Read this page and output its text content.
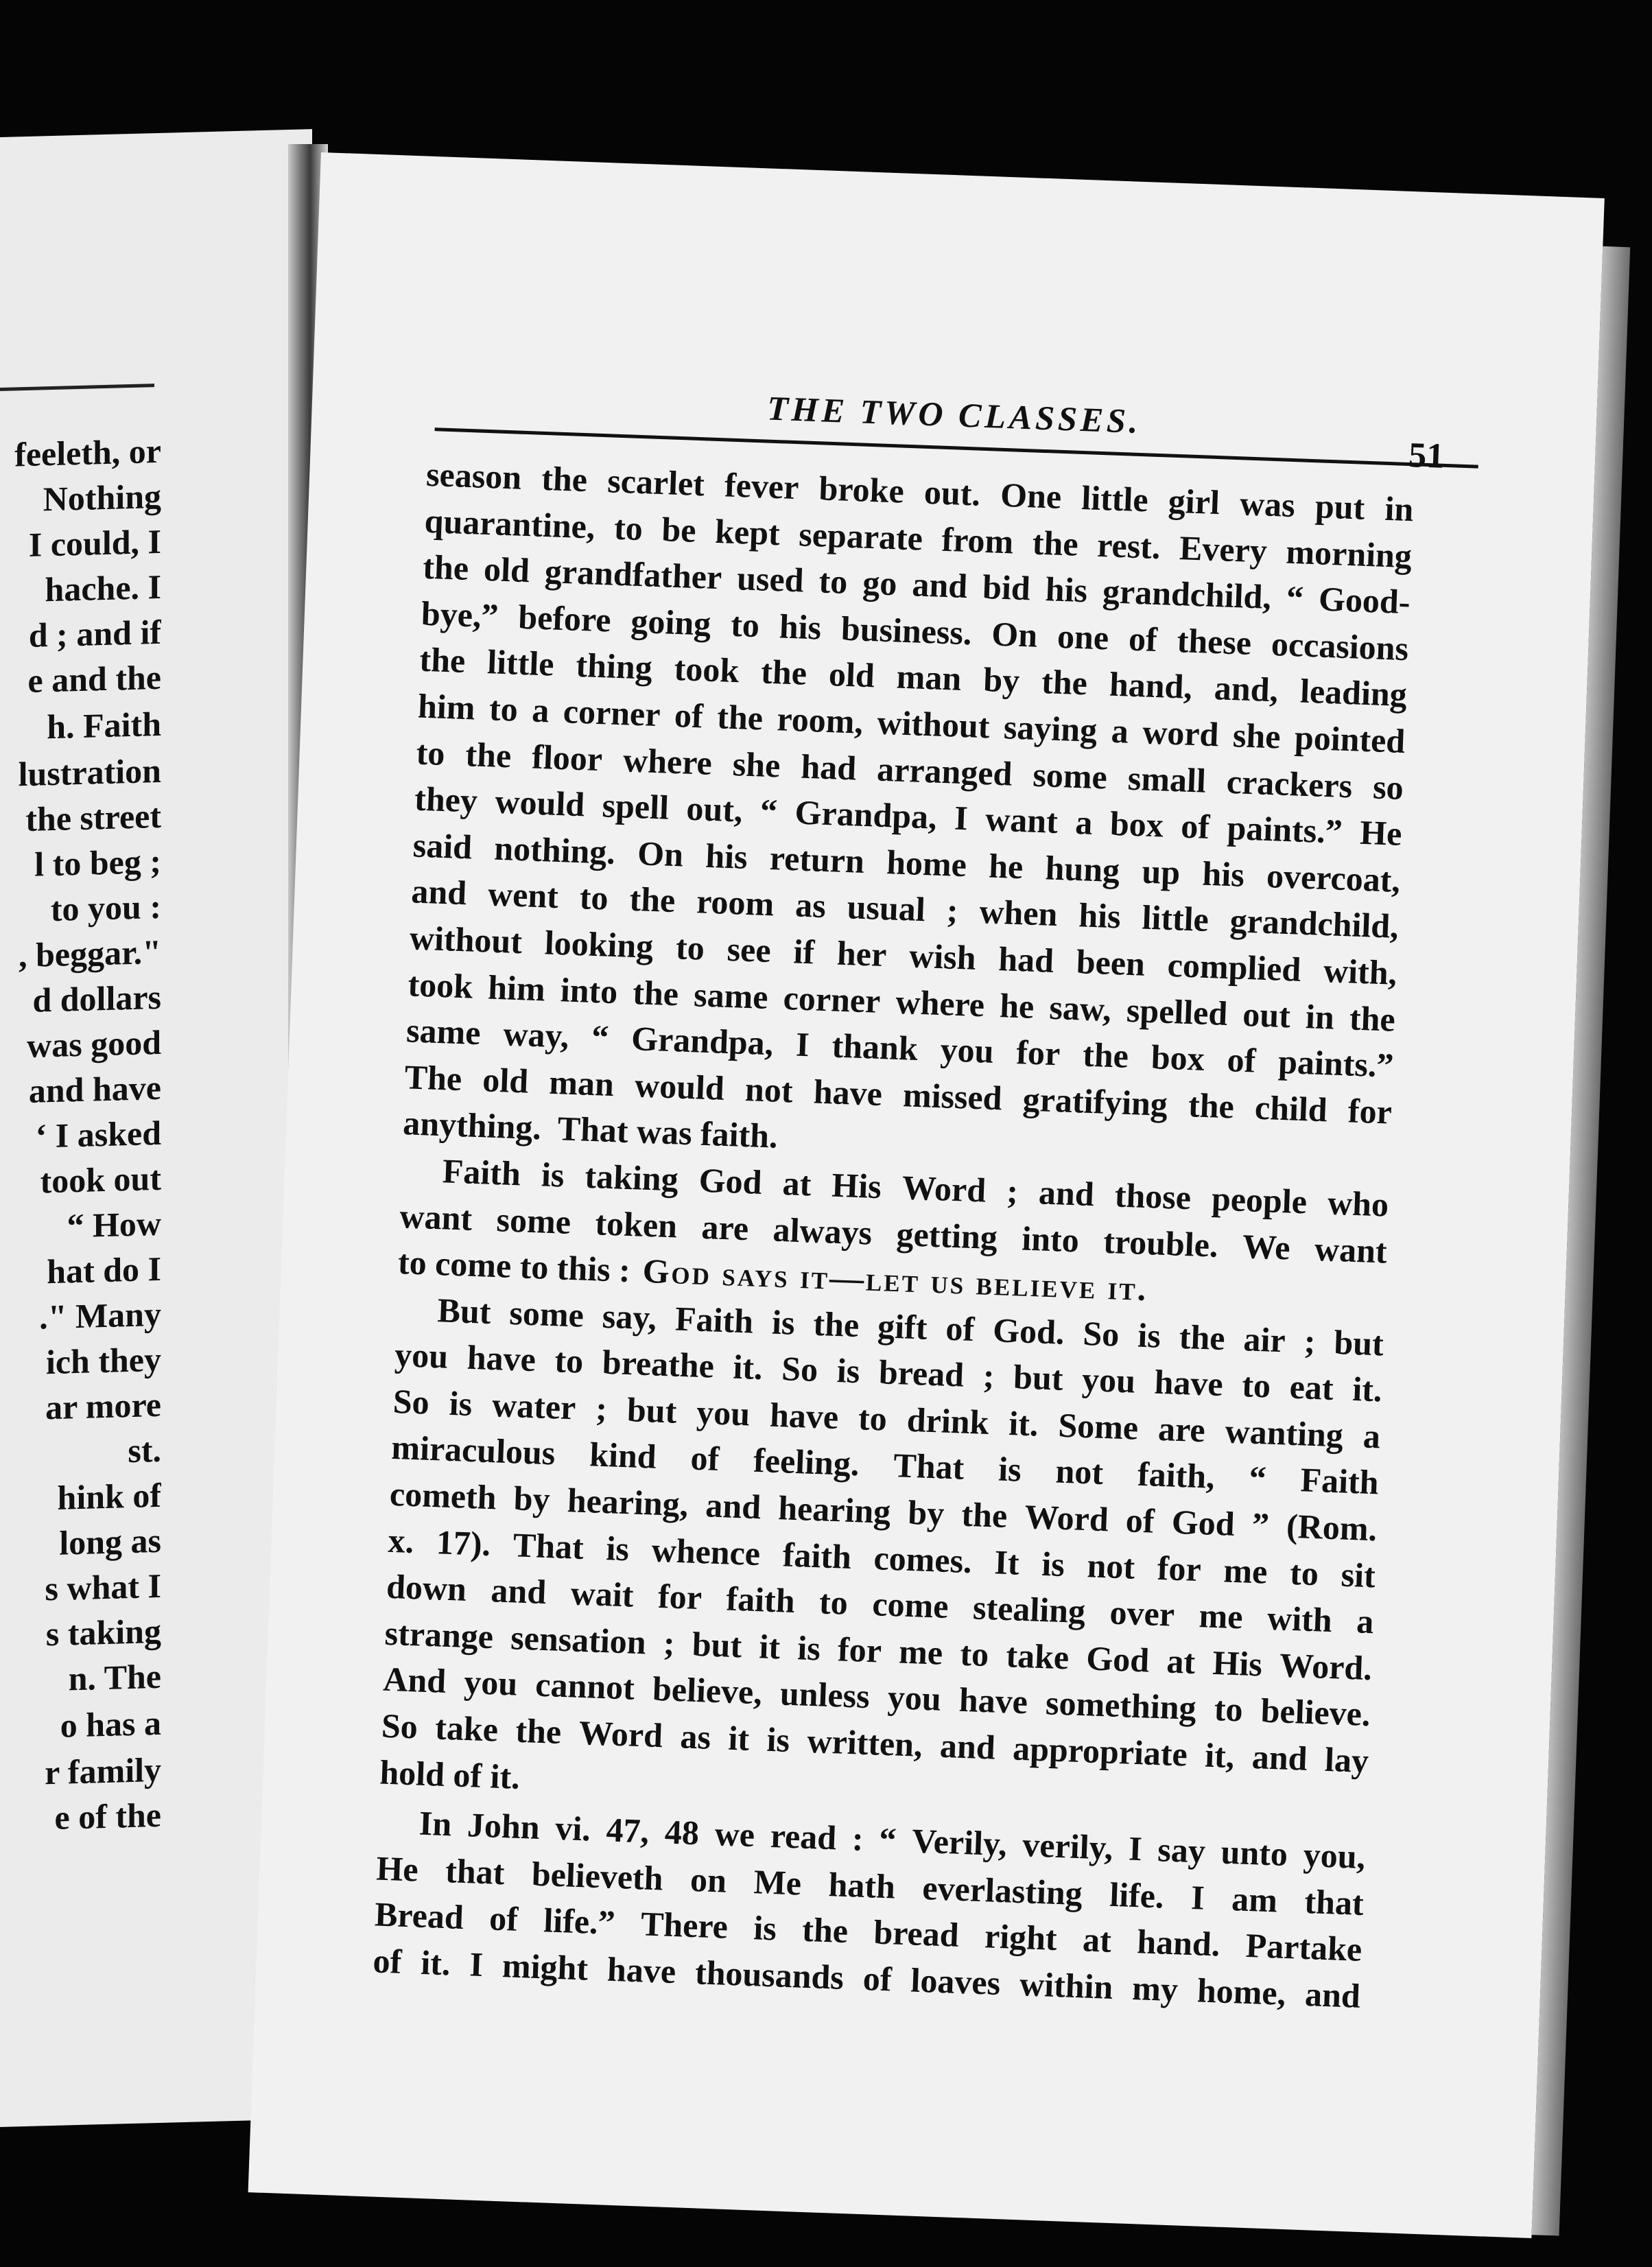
feeleth, or
Nothing
I could, I
hache. I
d ; and if
e and the
h. Faith
lustration
the street
l to beg ;
to you :
, beggar."
d dollars
was good
and have
‘ I asked
took out
“ How
hat do I
." Many
ich they
ar more
st.
hink of
long as
s what I
s taking
n. The
o has a
r family
e of the
THE TWO CLASSES.
51
season the scarlet fever broke out. One little girl was put in
quarantine, to be kept separate from the rest. Every morning
the old grandfather used to go and bid his grandchild, “ Good-
bye,” before going to his business. On one of these occasions
the little thing took the old man by the hand, and, leading
him to a corner of the room, without saying a word she pointed
to the floor where she had arranged some small crackers so
they would spell out, “ Grandpa, I want a box of paints.” He
said nothing. On his return home he hung up his overcoat,
and went to the room as usual ; when his little grandchild,
without looking to see if her wish had been complied with,
took him into the same corner where he saw, spelled out in the
same way, “ Grandpa, I thank you for the box of paints.”
The old man would not have missed gratifying the child for
anything.  That was faith.
Faith is taking God at His Word ; and those people who
want some token are always getting into trouble. We want
to come to this : God says it—let us believe it.
But some say, Faith is the gift of God. So is the air ; but
you have to breathe it. So is bread ; but you have to eat it.
So is water ; but you have to drink it. Some are wanting a
miraculous kind of feeling. That is not faith, “ Faith
cometh by hearing, and hearing by the Word of God ” (Rom.
x. 17). That is whence faith comes. It is not for me to sit
down and wait for faith to come stealing over me with a
strange sensation ; but it is for me to take God at His Word.
And you cannot believe, unless you have something to believe.
So take the Word as it is written, and appropriate it, and lay
hold of it.
In John vi. 47, 48 we read : “ Verily, verily, I say unto you,
He that believeth on Me hath everlasting life. I am that
Bread of life.” There is the bread right at hand. Partake
of it. I might have thousands of loaves within my home, and
